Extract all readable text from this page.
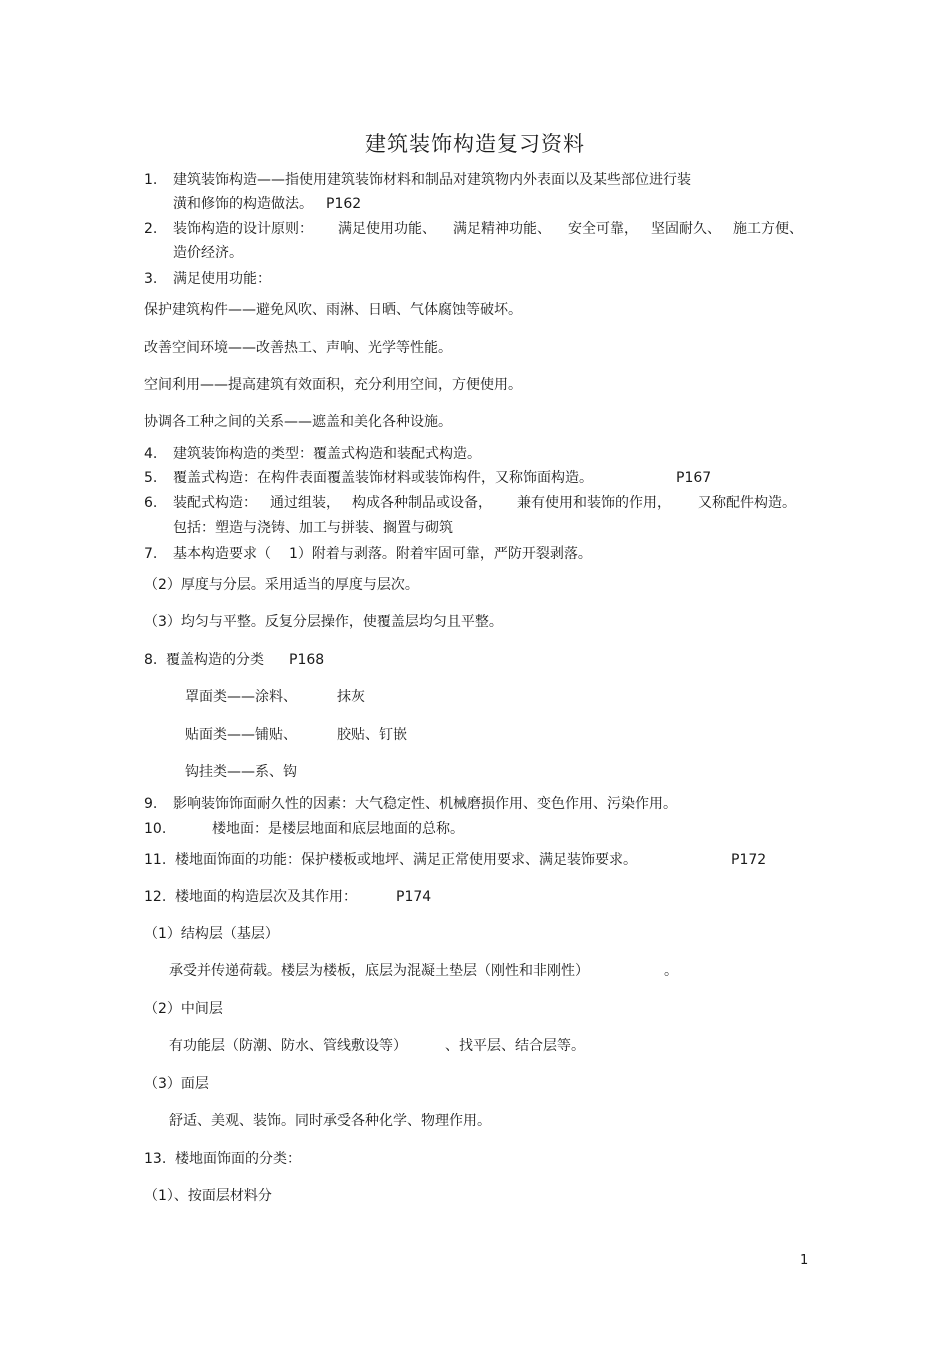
建筑装饰构造复习资料
1. 建筑装饰构造——指使用建筑装饰材料和制品对建筑物内外表面以及某些部位进行装
潢和修饰的构造做法。 P162
2. 装饰构造的设计原则： 满足使用功能、 满足精神功能、 安全可靠， 坚固耐久、 施工方便、
造价经济。
3. 满足使用功能：
保护建筑构件——避免风吹、雨淋、日晒、气体腐蚀等破坏。
改善空间环境——改善热工、声响、光学等性能。
空间利用——提高建筑有效面积，充分利用空间，方便使用。
协调各工种之间的关系——遮盖和美化各种设施。
4. 建筑装饰构造的类型：覆盖式构造和装配式构造。
5. 覆盖式构造：在构件表面覆盖装饰材料或装饰构件，又称饰面构造。	P167
6. 装配式构造： 通过组装， 构成各种制品或设备， 兼有使用和装饰的作用， 又称配件构造。
包括：塑造与浇铸、加工与拼装、搁置与砌筑
7. 基本构造要求（ 1）附着与剥落。附着牢固可靠，严防开裂剥落。
（2）厚度与分层。采用适当的厚度与层次。
（3）均匀与平整。反复分层操作，使覆盖层均匀且平整。
8. 覆盖构造的分类 P168
罩面类——涂料、	抹灰
贴面类——铺贴、	胶贴、钉嵌
钩挂类——系、钩
9. 影响装饰饰面耐久性的因素：大气稳定性、机械磨损作用、变色作用、污染作用。
10.	楼地面：是楼层地面和底层地面的总称。
11. 楼地面饰面的功能：保护楼板或地坪、满足正常使用要求、满足装饰要求。	P172
12. 楼地面的构造层次及其作用：	P174
（1）结构层（基层）
承受并传递荷载。楼层为楼板，底层为混凝土垫层（刚性和非刚性）	。
（2）中间层
有功能层（防潮、防水、管线敷设等）	、找平层、结合层等。
（3）面层
舒适、美观、装饰。同时承受各种化学、物理作用。
13. 楼地面饰面的分类：
（1）、按面层材料分
1
